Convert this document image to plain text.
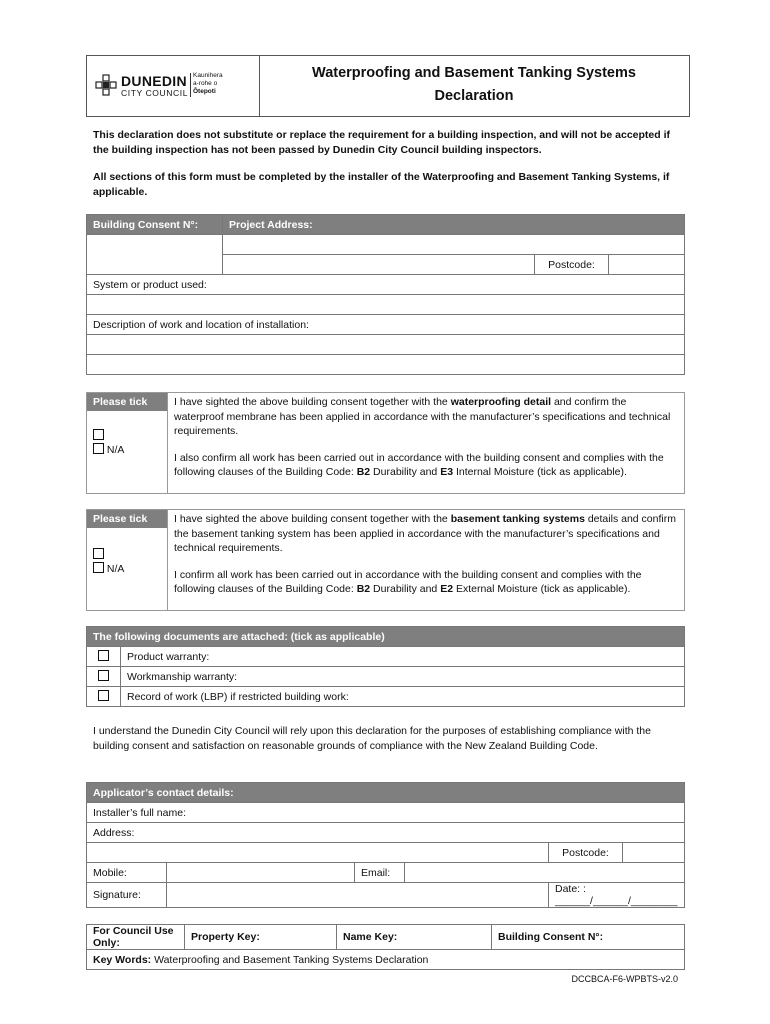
DUNEDIN
CITY COUNCIL
Kaunihera
a-rohe o
Ōtepoti
Waterproofing and Basement Tanking Systems
Declaration
This declaration does not substitute or replace the requirement for a building inspection, and will not be accepted if the building inspection has not been passed by Dunedin City Council building inspectors.
All sections of this form must be completed by the installer of the Waterproofing and Basement Tanking Systems, if applicable.
Building Consent N°:	Project Address:		

		Postcode:	
System or product used:			

Description of work and location of installation:			

Please tick
N/A
I have sighted the above building consent together with the waterproofing detail and confirm the waterproof membrane has been applied in accordance with the manufacturer’s specifications and technical requirements.
I also confirm all work has been carried out in accordance with the building consent and complies with the following clauses of the Building Code: B2 Durability and E3 Internal Moisture (tick as applicable).
Please tick
N/A
I have sighted the above building consent together with the basement tanking systems details and confirm the basement tanking system has been applied in accordance with the manufacturer’s specifications and technical requirements.
I confirm all work has been carried out in accordance with the building consent and complies with the following clauses of the Building Code: B2 Durability and E2 External Moisture (tick as applicable).
The following documents are attached: (tick as applicable)	
	Product warranty:
	Workmanship warranty:
	Record of work (LBP) if restricted building work:
I understand the Dunedin City Council will rely upon this declaration for the purposes of establishing compliance with the building consent and satisfaction on reasonable grounds of compliance with the New Zealand Building Code.
Applicator’s contact details:					
Installer’s full name:					
Address:					
				Postcode:	
Mobile:		Email:			
Signature:				Date: : ______/______/________	
For Council Use Only:	Property Key:	Name Key:	Building Consent N°:
Key Words: Waterproofing and Basement Tanking Systems Declaration
DCCBCA-F6-WPBTS-v2.0
